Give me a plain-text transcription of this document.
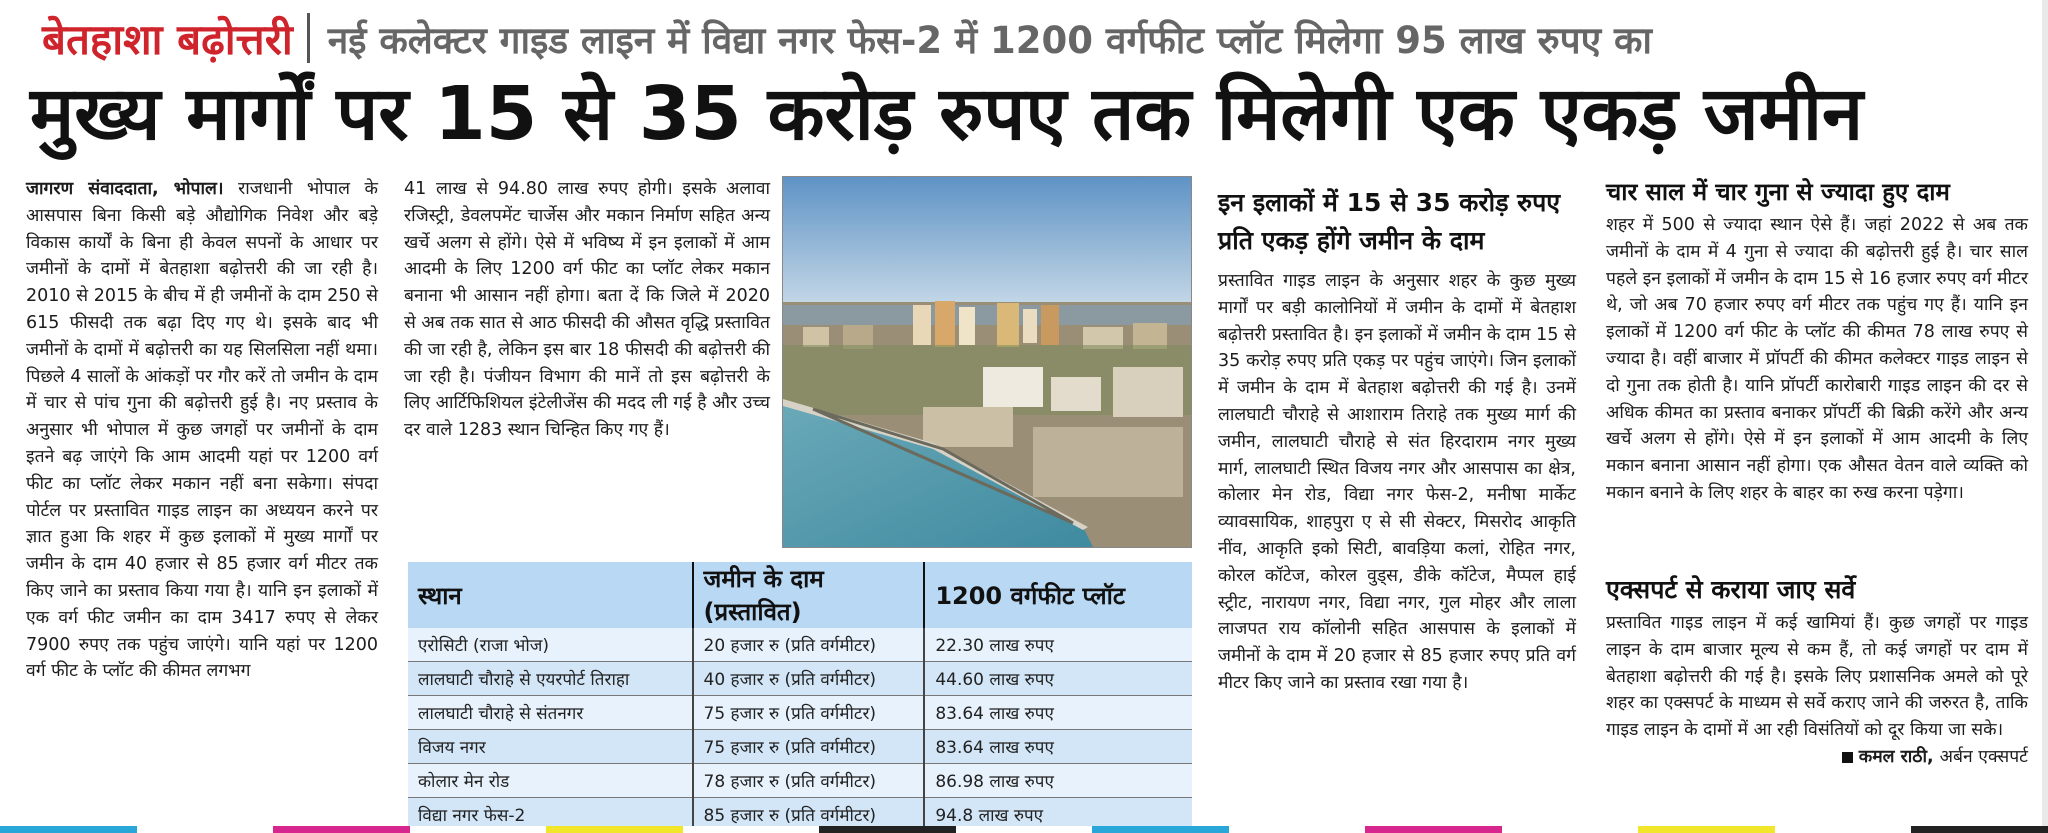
बेतहाशा बढ़ोत्तरी नई कलेक्टर गाइड लाइन में विद्या नगर फेस-2 में 1200 वर्गफीट प्लॉट मिलेगा 95 लाख रुपए का
मुख्य मार्गों पर 15 से 35 करोड़ रुपए तक मिलेगी एक एकड़ जमीन
जागरण संवाददाता, भोपाल। राजधानी भोपाल के आसपास बिना किसी बड़े औद्योगिक निवेश और बड़े विकास कार्यों के बिना ही केवल सपनों के आधार पर जमीनों के दामों में बेतहाशा बढ़ोत्तरी की जा रही है। 2010 से 2015 के बीच में ही जमीनों के दाम 250 से 615 फीसदी तक बढ़ा दिए गए थे। इसके बाद भी जमीनों के दामों में बढ़ोत्तरी का यह सिलसिला नहीं थमा। पिछले 4 सालों के आंकड़ों पर गौर करें तो जमीन के दाम में चार से पांच गुना की बढ़ोत्तरी हुई है। नए प्रस्ताव के अनुसार भी भोपाल में कुछ जगहों पर जमीनों के दाम इतने बढ़ जाएंगे कि आम आदमी यहां पर 1200 वर्ग फीट का प्लॉट लेकर मकान नहीं बना सकेगा। संपदा पोर्टल पर प्रस्तावित गाइड लाइन का अध्ययन करने पर ज्ञात हुआ कि शहर में कुछ इलाकों में मुख्य मार्गों पर जमीन के दाम 40 हजार से 85 हजार वर्ग मीटर तक किए जाने का प्रस्ताव किया गया है। यानि इन इलाकों में एक वर्ग फीट जमीन का दाम 3417 रुपए से लेकर 7900 रुपए तक पहुंच जाएंगे। यानि यहां पर 1200 वर्ग फीट के प्लॉट की कीमत लगभग
41 लाख से 94.80 लाख रुपए होगी। इसके अलावा रजिस्ट्री, डेवलपमेंट चार्जेस और मकान निर्माण सहित अन्य खर्चे अलग से होंगे। ऐसे में भविष्य में इन इलाकों में आम आदमी के लिए 1200 वर्ग फीट का प्लॉट लेकर मकान बनाना भी आसान नहीं होगा। बता दें कि जिले में 2020 से अब तक सात से आठ फीसदी की औसत वृद्धि प्रस्तावित की जा रही है, लेकिन इस बार 18 फीसदी की बढ़ोत्तरी की जा रही है। पंजीयन विभाग की मानें तो इस बढ़ोत्तरी के लिए आर्टिफिशियल इंटेलीजेंस की मदद ली गई है और उच्च दर वाले 1283 स्थान चिन्हित किए गए हैं।
इन इलाकों में 15 से 35 करोड़ रुपए प्रति एकड़ होंगे जमीन के दाम
प्रस्तावित गाइड लाइन के अनुसार शहर के कुछ मुख्य मार्गों पर बड़ी कालोनियों में जमीन के दामों में बेतहाश बढ़ोत्तरी प्रस्तावित है। इन इलाकों में जमीन के दाम 15 से 35 करोड़ रुपए प्रति एकड़ पर पहुंच जाएंगे। जिन इलाकों में जमीन के दाम में बेतहाश बढ़ोत्तरी की गई है। उनमें लालघाटी चौराहे से आशाराम तिराहे तक मुख्य मार्ग की जमीन, लालघाटी चौराहे से संत हिरदाराम नगर मुख्य मार्ग, लालघाटी स्थित विजय नगर और आसपास का क्षेत्र, कोलार मेन रोड, विद्या नगर फेस-2, मनीषा मार्केट व्यावसायिक, शाहपुरा ए से सी सेक्टर, मिसरोद आकृति नींव, आकृति इको सिटी, बावड़िया कलां, रोहित नगर, कोरल कॉटेज, कोरल वुड्स, डीके कॉटेज, मैप्पल हाई स्ट्रीट, नारायण नगर, विद्या नगर, गुल मोहर और लाला लाजपत राय कॉलोनी सहित आसपास के इलाकों में जमीनों के दाम में 20 हजार से 85 हजार रुपए प्रति वर्ग मीटर किए जाने का प्रस्ताव रखा गया है।
चार साल में चार गुना से ज्यादा हुए दाम
शहर में 500 से ज्यादा स्थान ऐसे हैं। जहां 2022 से अब तक जमीनों के दाम में 4 गुना से ज्यादा की बढ़ोत्तरी हुई है। चार साल पहले इन इलाकों में जमीन के दाम 15 से 16 हजार रुपए वर्ग मीटर थे, जो अब 70 हजार रुपए वर्ग मीटर तक पहुंच गए हैं। यानि इन इलाकों में 1200 वर्ग फीट के प्लॉट की कीमत 78 लाख रुपए से ज्यादा है। वहीं बाजार में प्रॉपर्टी की कीमत कलेक्टर गाइड लाइन से दो गुना तक होती है। यानि प्रॉपर्टी कारोबारी गाइड लाइन की दर से अधिक कीमत का प्रस्ताव बनाकर प्रॉपर्टी की बिक्री करेंगे और अन्य खर्चे अलग से होंगे। ऐसे में इन इलाकों में आम आदमी के लिए मकान बनाना आसान नहीं होगा। एक औसत वेतन वाले व्यक्ति को मकान बनाने के लिए शहर के बाहर का रुख करना पड़ेगा।
एक्सपर्ट से कराया जाए सर्वे
प्रस्तावित गाइड लाइन में कई खामियां हैं। कुछ जगहों पर गाइड लाइन के दाम बाजार मूल्य से कम हैं, तो कई जगहों पर दाम में बेतहाशा बढ़ोत्तरी की गई है। इसके लिए प्रशासनिक अमले को पूरे शहर का एक्सपर्ट के माध्यम से सर्वे कराए जाने की जरुरत है, ताकि गाइड लाइन के दामों में आ रही विसंतियों को दूर किया जा सके।
कमल राठी, अर्बन एक्सपर्ट
स्थान	जमीन के दाम (प्रस्तावित)	1200 वर्गफीट प्लॉट
एरोसिटी (राजा भोज)	20 हजार रु (प्रति वर्गमीटर)	22.30 लाख रुपए
लालघाटी चौराहे से एयरपोर्ट तिराहा	40 हजार रु (प्रति वर्गमीटर)	44.60 लाख रुपए
लालघाटी चौराहे से संतनगर	75 हजार रु (प्रति वर्गमीटर)	83.64 लाख रुपए
विजय नगर	75 हजार रु (प्रति वर्गमीटर)	83.64 लाख रुपए
कोलार मेन रोड	78 हजार रु (प्रति वर्गमीटर)	86.98 लाख रुपए
विद्या नगर फेस-2	85 हजार रु (प्रति वर्गमीटर)	94.8 लाख रुपए
